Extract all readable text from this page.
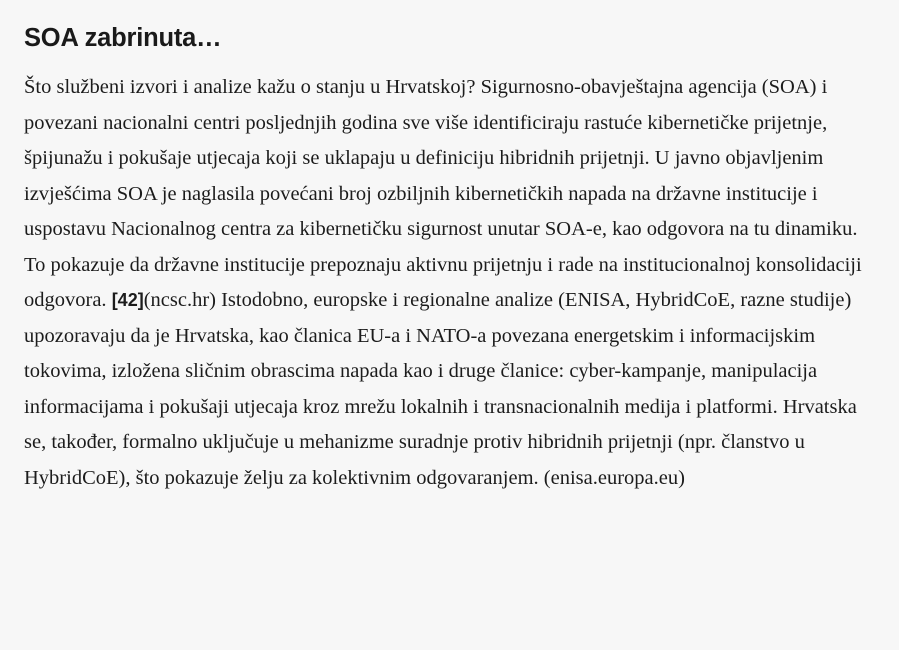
SOA zabrinuta…

Što službeni izvori i analize kažu o stanju u Hrvatskoj? Sigurnosno-obavještajna agencija (SOA) i povezani nacionalni centri posljednjih godina sve više identificiraju rastuće kibernetičke prijetnje, špijunažu i pokušaje utjecaja koji se uklapaju u definiciju hibridnih prijetnji. U javno objavljenim izvješćima SOA je naglasila povećani broj ozbiljnih kibernetičkih napada na državne institucije i uspostavu Nacionalnog centra za kibernetičku sigurnost unutar SOA-e, kao odgovora na tu dinamiku. To pokazuje da državne institucije prepoznaju aktivnu prijetnju i rade na institucionalnoj konsolidaciji odgovora. [42](ncsc.hr) Istodobno, europske i regionalne analize (ENISA, HybridCoE, razne studije) upozoravaju da je Hrvatska, kao članica EU-a i NATO-a povezana energetskim i informacijskim tokovima, izložena sličnim obrascima napada kao i druge članice: cyber-kampanje, manipulacija informacijama i pokušaji utjecaja kroz mrežu lokalnih i transnacionalnih medija i platformi. Hrvatska se, također, formalno uključuje u mehanizme suradnje protiv hibridnih prijetnji (npr. članstvo u HybridCoE), što pokazuje želju za kolektivnim odgovaranjem. (enisa.europa.eu)
